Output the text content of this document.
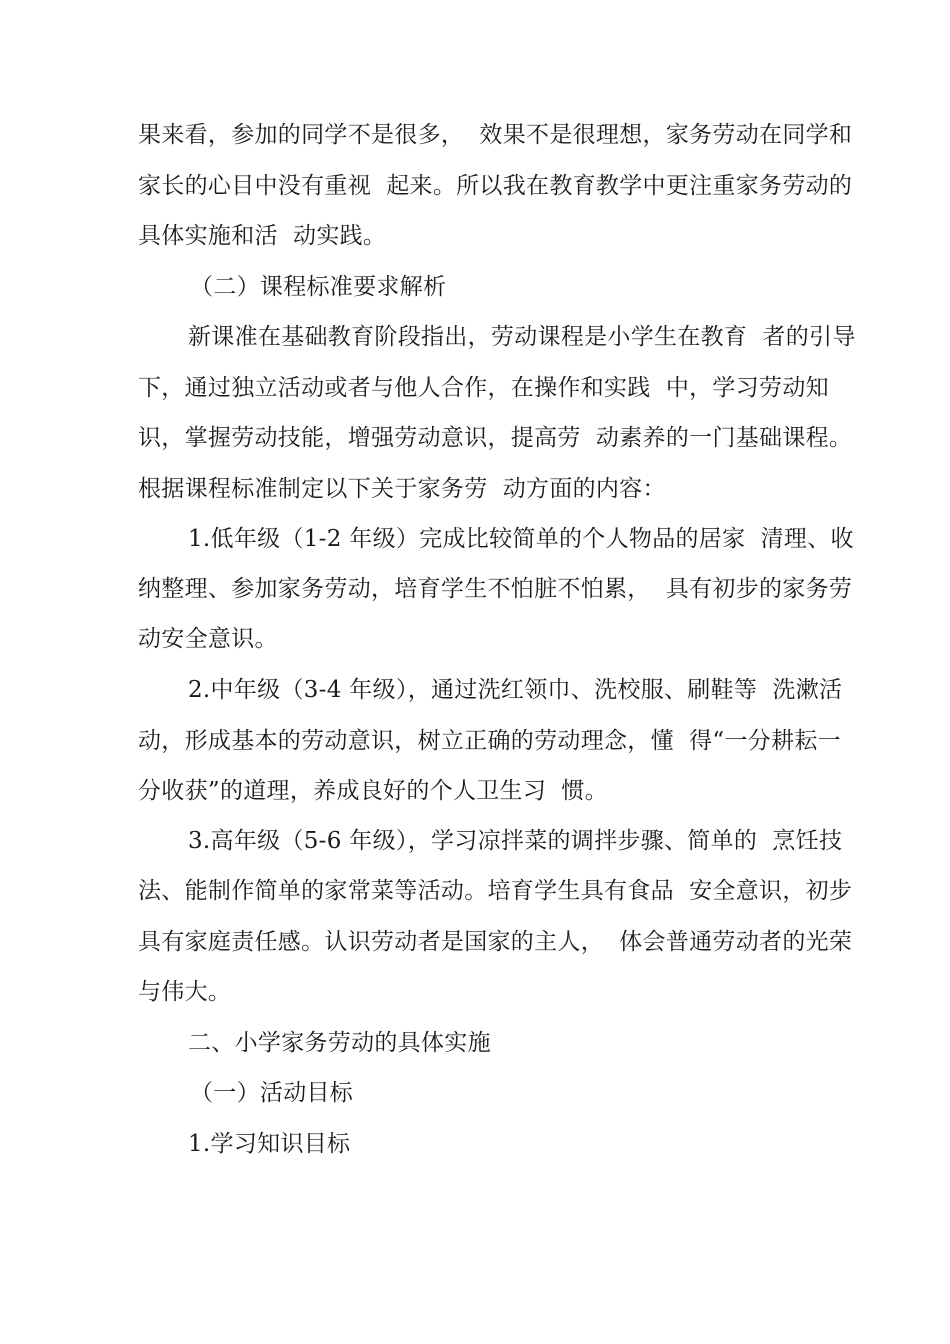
果来看，参加的同学不是很多，  效果不是很理想，家务劳动在同学和
家长的心目中没有重视  起来。所以我在教育教学中更注重家务劳动的
具体实施和活  动实践。
（二）课程标准要求解析
新课准在基础教育阶段指出，劳动课程是小学生在教育  者的引导
下，通过独立活动或者与他人合作，在操作和实践  中，学习劳动知
识，掌握劳动技能，增强劳动意识，提高劳  动素养的一门基础课程。
根据课程标准制定以下关于家务劳  动方面的内容：
1.低年级（1-2 年级）完成比较简单的个人物品的居家  清理、收
纳整理、参加家务劳动，培育学生不怕脏不怕累，  具有初步的家务劳
动安全意识。
2.中年级（3-4 年级），通过洗红领巾、洗校服、刷鞋等  洗漱活
动，形成基本的劳动意识，树立正确的劳动理念，懂  得“一分耕耘一
分收获”的道理，养成良好的个人卫生习  惯。
3.高年级（5-6 年级），学习凉拌菜的调拌步骤、简单的  烹饪技
法、能制作简单的家常菜等活动。培育学生具有食品  安全意识，初步
具有家庭责任感。认识劳动者是国家的主人，  体会普通劳动者的光荣
与伟大。
二、小学家务劳动的具体实施
（一）活动目标
1.学习知识目标
